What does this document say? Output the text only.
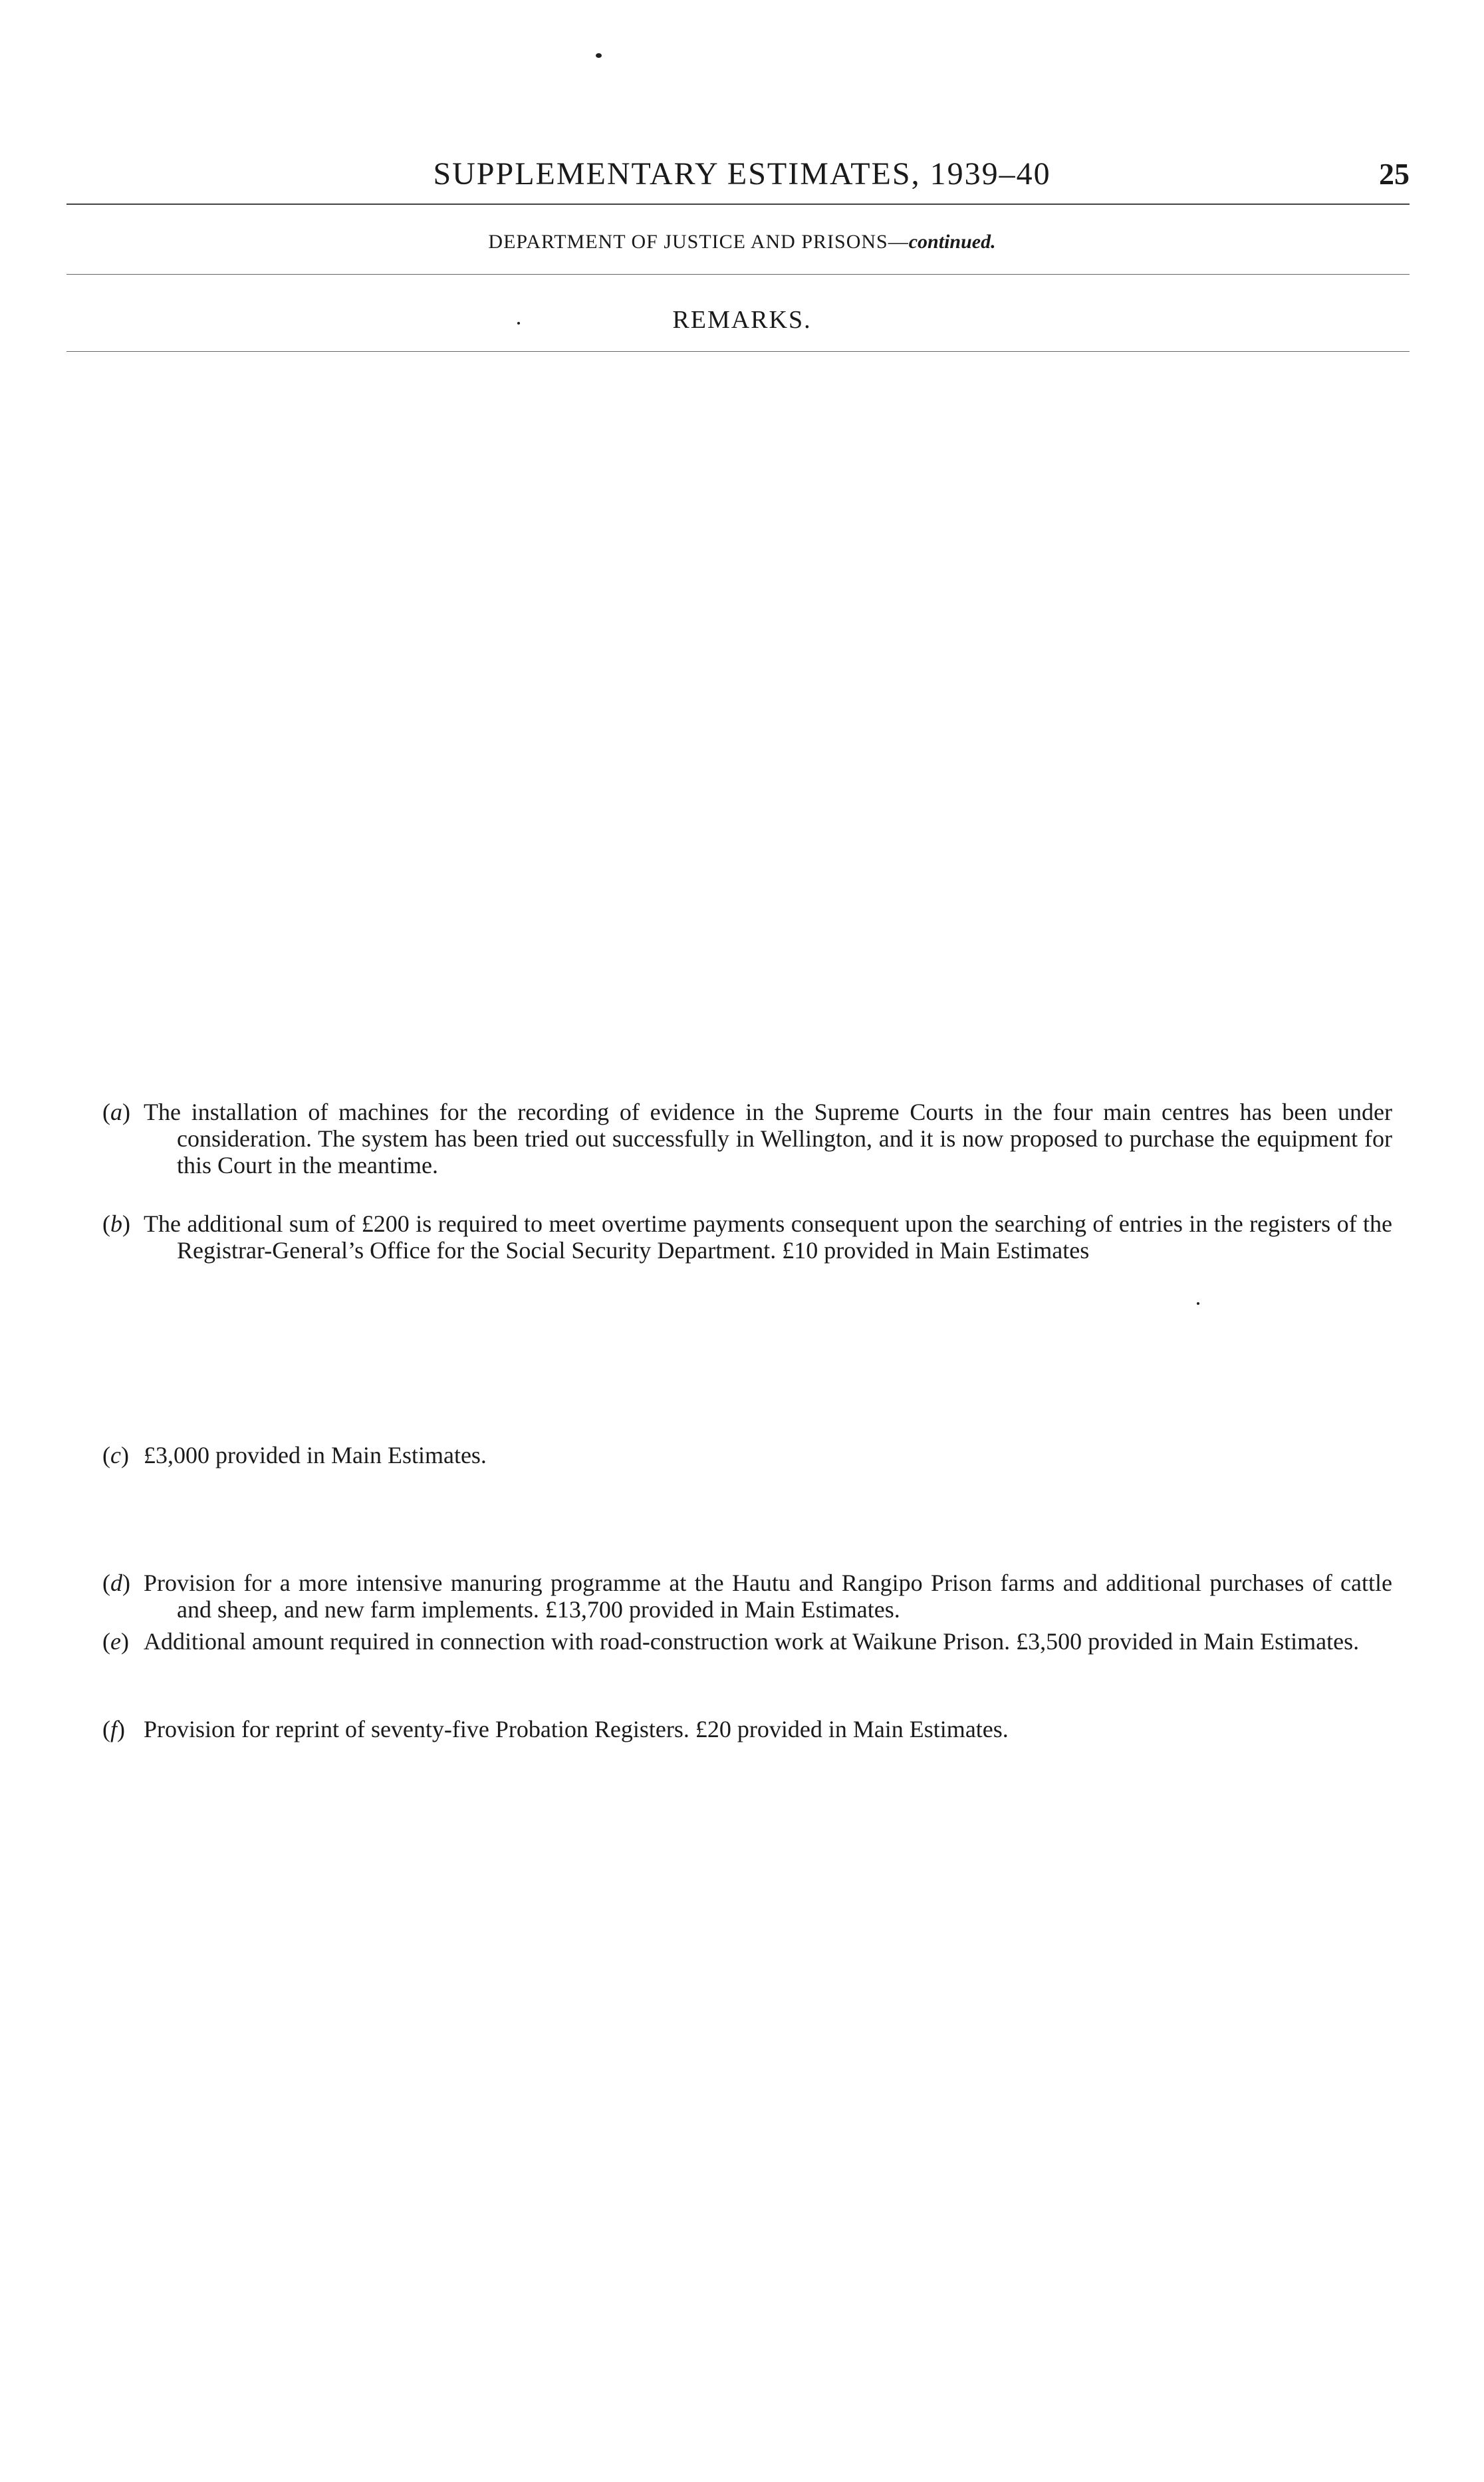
SUPPLEMENTARY ESTIMATES, 1939–40	25
DEPARTMENT OF JUSTICE AND PRISONS—continued.
REMARKS.
(a) The installation of machines for the recording of evidence in the Supreme Courts in the four main centres has been under consideration. The system has been tried out successfully in Wellington, and it is now proposed to purchase the equipment for this Court in the meantime.
(b) The additional sum of £200 is required to meet overtime payments consequent upon the searching of entries in the registers of the Registrar-General’s Office for the Social Security Department. £10 provided in Main Estimates
(c) £3,000 provided in Main Estimates.
(d) Provision for a more intensive manuring programme at the Hautu and Rangipo Prison farms and additional purchases of cattle and sheep, and new farm implements. £13,700 provided in Main Estimates.
(e) Additional amount required in connection with road-construction work at Waikune Prison. £3,500 provided in Main Estimates.
(f) Provision for reprint of seventy-five Probation Registers. £20 provided in Main Estimates.
